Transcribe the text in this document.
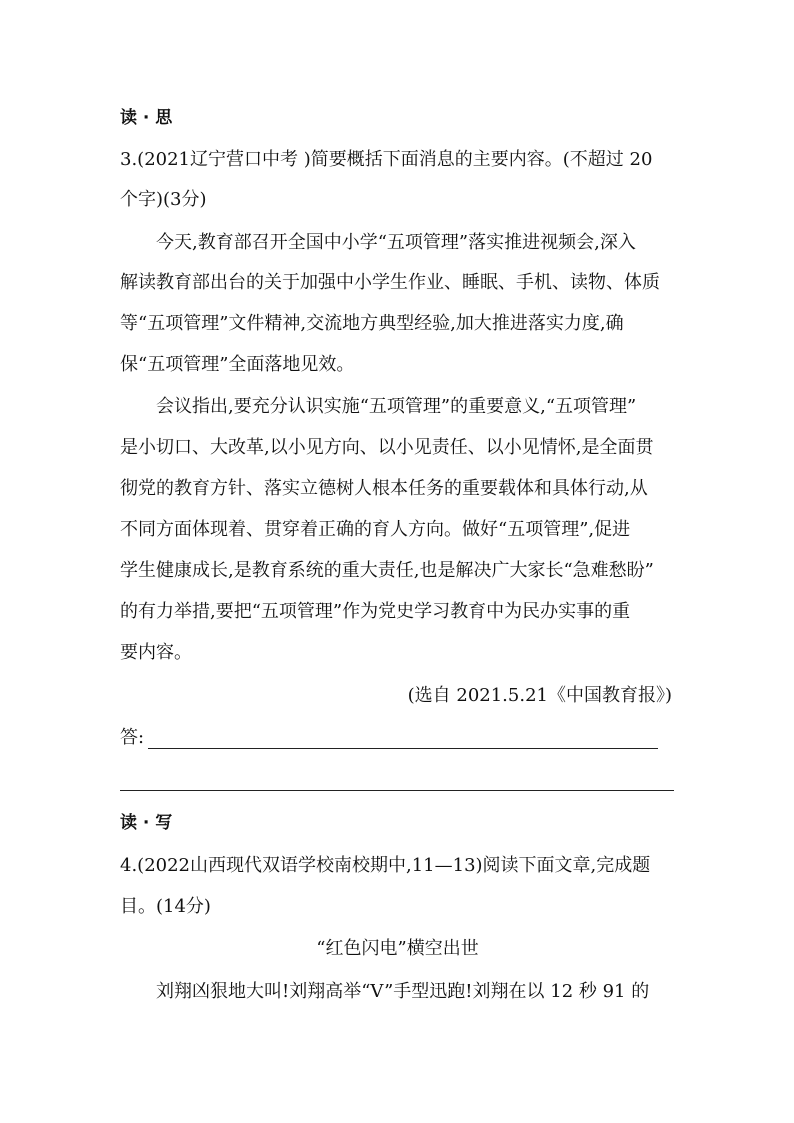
读 · 思
3.(2021辽宁营口中考 )简要概括下面消息的主要内容。(不超过 20
个字)(3分)
今天,教育部召开全国中小学“五项管理”落实推进视频会,深入
解读教育部出台的关于加强中小学生作业、睡眠、手机、读物、体质
等“五项管理”文件精神,交流地方典型经验,加大推进落实力度,确
保“五项管理”全面落地见效。
会议指出,要充分认识实施“五项管理”的重要意义,“五项管理”
是小切口、大改革,以小见方向、以小见责任、以小见情怀,是全面贯
彻党的教育方针、落实立德树人根本任务的重要载体和具体行动,从
不同方面体现着、贯穿着正确的育人方向。做好“五项管理”,促进
学生健康成长,是教育系统的重大责任,也是解决广大家长“急难愁盼”
的有力举措,要把“五项管理”作为党史学习教育中为民办实事的重
要内容。
(选自 2021.5.21《中国教育报》)
答:
读 · 写
4.(2022山西现代双语学校南校期中,11—13)阅读下面文章,完成题
目。(14分)
“红色闪电”横空出世
刘翔凶狠地大叫!刘翔高举“V”手型迅跑!刘翔在以 12 秒 91 的
